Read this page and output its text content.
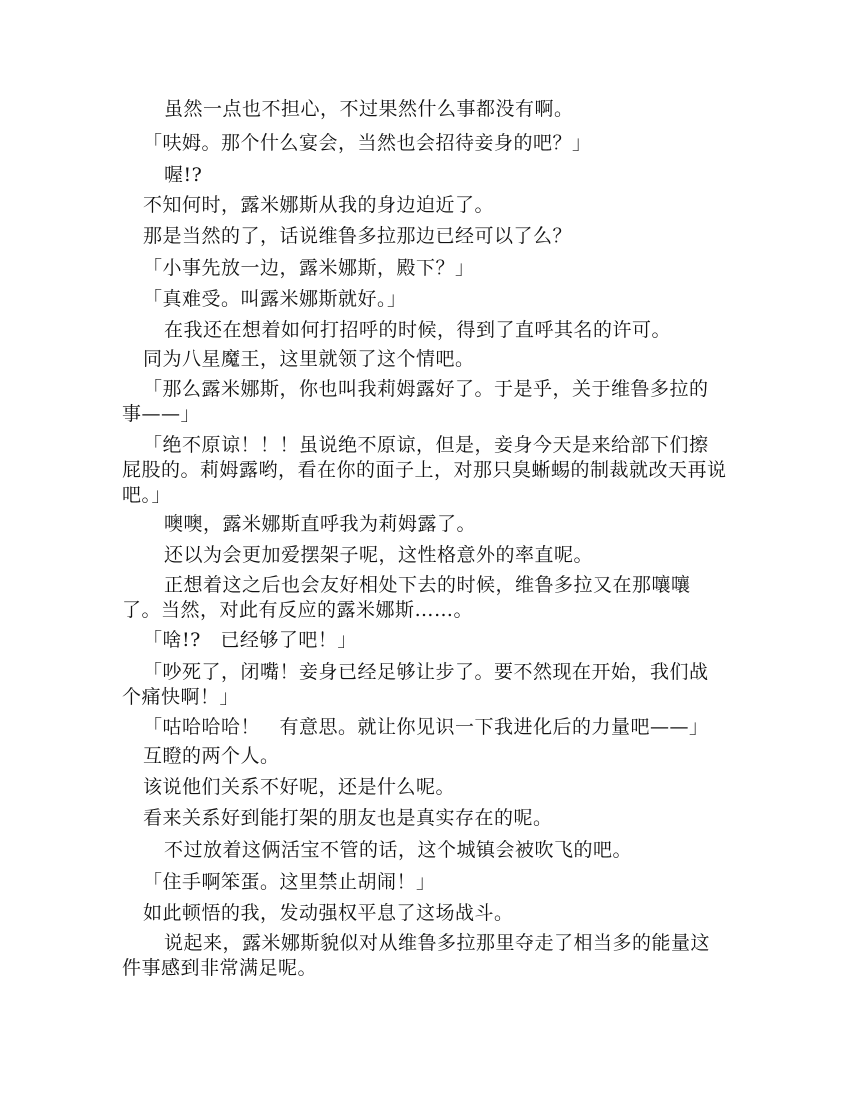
虽然一点也不担心，不过果然什么事都没有啊。
「呋姆。那个什么宴会，当然也会招待妾身的吧？」
喔!?
不知何时，露米娜斯从我的身边迫近了。
那是当然的了，话说维鲁多拉那边已经可以了么？
「小事先放一边，露米娜斯，殿下？」
「真难受。叫露米娜斯就好。」
在我还在想着如何打招呼的时候，得到了直呼其名的许可。
同为八星魔王，这里就领了这个情吧。
「那么露米娜斯，你也叫我莉姆露好了。于是乎，关于维鲁多拉的
事——」
「绝不原谅！！！虽说绝不原谅，但是，妾身今天是来给部下们擦
屁股的。莉姆露哟，看在你的面子上，对那只臭蜥蜴的制裁就改天再说
吧。」
噢噢，露米娜斯直呼我为莉姆露了。
还以为会更加爱摆架子呢，这性格意外的率直呢。
正想着这之后也会友好相处下去的时候，维鲁多拉又在那嚷嚷
了。当然，对此有反应的露米娜斯……。
「啥!?　已经够了吧！」
「吵死了，闭嘴！妾身已经足够让步了。要不然现在开始，我们战
个痛快啊！」
「咕哈哈哈！　有意思。就让你见识一下我进化后的力量吧——」
互瞪的两个人。
该说他们关系不好呢，还是什么呢。
看来关系好到能打架的朋友也是真实存在的呢。
不过放着这俩活宝不管的话，这个城镇会被吹飞的吧。
「住手啊笨蛋。这里禁止胡闹！」
如此顿悟的我，发动强权平息了这场战斗。
说起来，露米娜斯貌似对从维鲁多拉那里夺走了相当多的能量这
件事感到非常满足呢。
